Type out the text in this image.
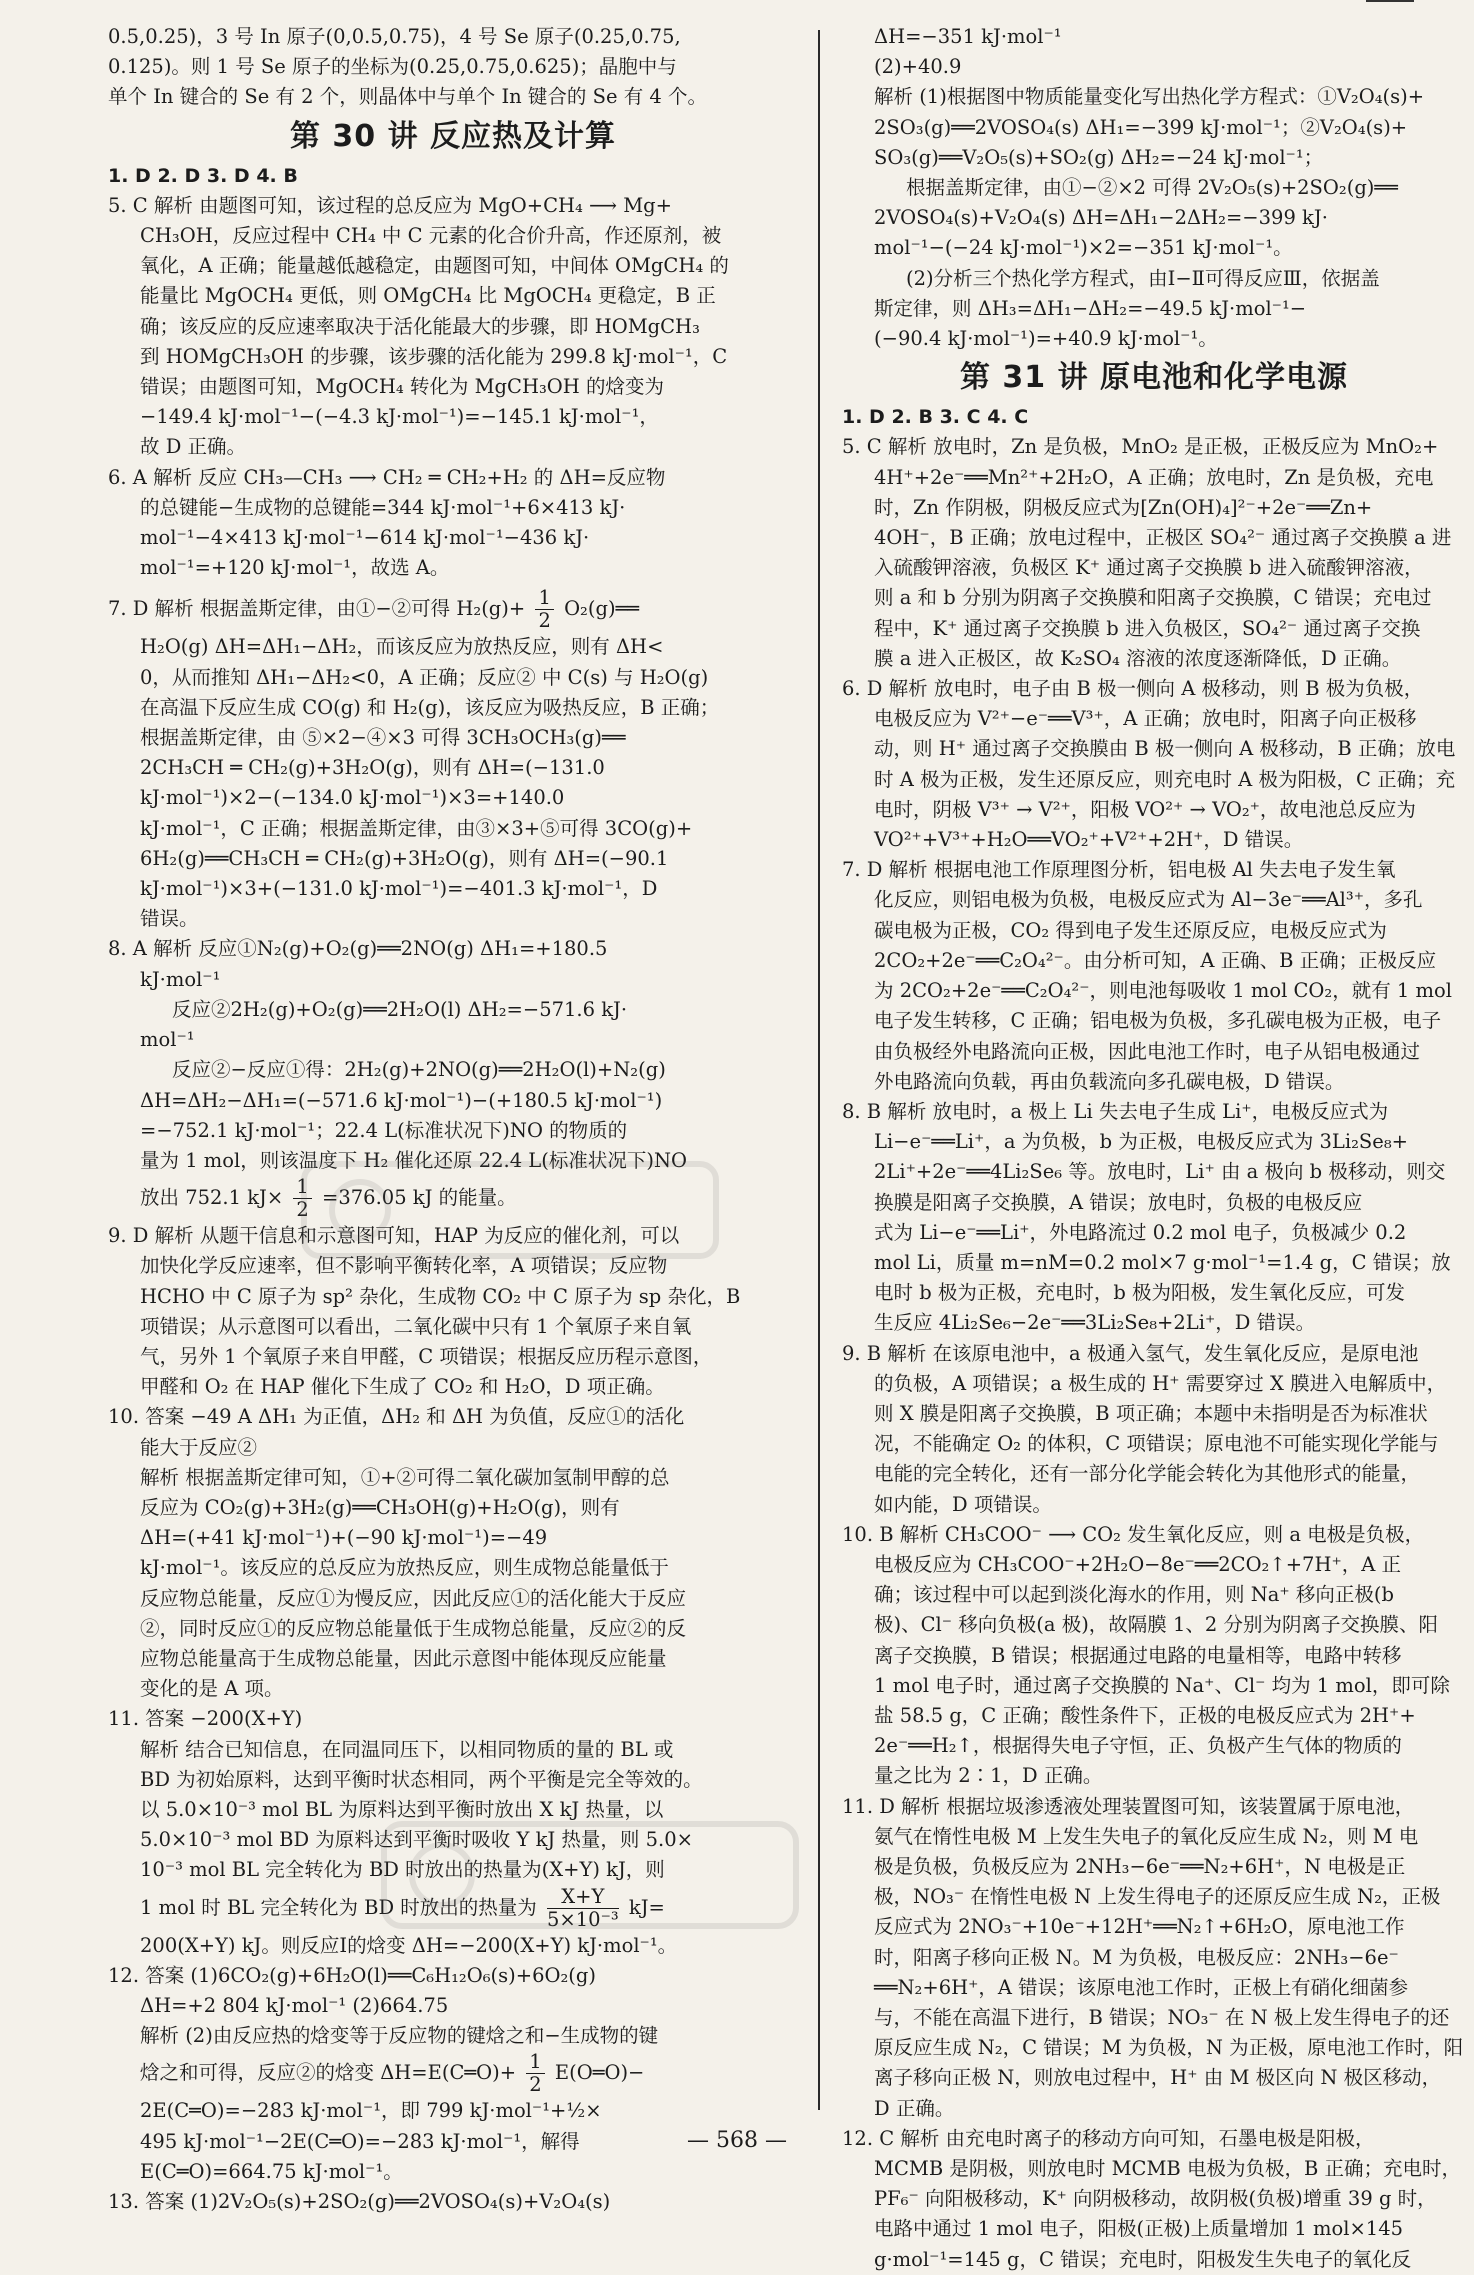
0.5,0.25)，3 号 In 原子(0,0.5,0.75)，4 号 Se 原子(0.25,0.75,
0.125)。则 1 号 Se 原子的坐标为(0.25,0.75,0.625)；晶胞中与
单个 In 键合的 Se 有 2 个，则晶体中与单个 In 键合的 Se 有 4 个。
第 30 讲 反应热及计算
1. D 2. D 3. D 4. B
5. C 解析 由题图可知，该过程的总反应为 MgO+CH₄ ⟶ Mg+
CH₃OH，反应过程中 CH₄ 中 C 元素的化合价升高，作还原剂，被
氧化，A 正确；能量越低越稳定，由题图可知，中间体 OMgCH₄ 的
能量比 MgOCH₄ 更低，则 OMgCH₄ 比 MgOCH₄ 更稳定，B 正
确；该反应的反应速率取决于活化能最大的步骤，即 HOMgCH₃
到 HOMgCH₃OH 的步骤，该步骤的活化能为 299.8 kJ·mol⁻¹，C
错误；由题图可知，MgOCH₄ 转化为 MgCH₃OH 的焓变为
−149.4 kJ·mol⁻¹−(−4.3 kJ·mol⁻¹)=−145.1 kJ·mol⁻¹，
故 D 正确。
6. A 解析 反应 CH₃—CH₃ ⟶ CH₂ ═ CH₂+H₂ 的 ΔH=反应物
的总键能−生成物的总键能=344 kJ·mol⁻¹+6×413 kJ·
mol⁻¹−4×413 kJ·mol⁻¹−614 kJ·mol⁻¹−436 kJ·
mol⁻¹=+120 kJ·mol⁻¹，故选 A。
7. D 解析 根据盖斯定律，由①−②可得 $H_2(g)+ \frac{1}{2}$ O₂(g)══
H₂O(g) ΔH=ΔH₁−ΔH₂，而该反应为放热反应，则有 ΔH<
0，从而推知 ΔH₁−ΔH₂<0，A 正确；反应② 中 C(s) 与 H₂O(g)
在高温下反应生成 CO(g) 和 H₂(g)，该反应为吸热反应，B 正确；
根据盖斯定律，由 ⑤×2−④×3 可得 3CH₃OCH₃(g)══
2CH₃CH ═ CH₂(g)+3H₂O(g)，则有 ΔH=(−131.0
kJ·mol⁻¹)×2−(−134.0 kJ·mol⁻¹)×3=+140.0
kJ·mol⁻¹，C 正确；根据盖斯定律，由③×3+⑤可得 3CO(g)+
6H₂(g)══CH₃CH ═ CH₂(g)+3H₂O(g)，则有 ΔH=(−90.1
kJ·mol⁻¹)×3+(−131.0 kJ·mol⁻¹)=−401.3 kJ·mol⁻¹，D
错误。
8. A 解析 反应①N₂(g)+O₂(g)══2NO(g) ΔH₁=+180.5
kJ·mol⁻¹
反应②2H₂(g)+O₂(g)══2H₂O(l) ΔH₂=−571.6 kJ·
mol⁻¹
反应②−反应①得：2H₂(g)+2NO(g)══2H₂O(l)+N₂(g)
ΔH=ΔH₂−ΔH₁=(−571.6 kJ·mol⁻¹)−(+180.5 kJ·mol⁻¹)
=−752.1 kJ·mol⁻¹；22.4 L(标准状况下)NO 的物质的
量为 1 mol，则该温度下 H₂ 催化还原 22.4 L(标准状况下)NO
放出 752.1 $kJ\times \frac{1}{2} =376.05$ kJ 的能量。
9. D 解析 从题干信息和示意图可知，HAP 为反应的催化剂，可以
加快化学反应速率，但不影响平衡转化率，A 项错误；反应物
HCHO 中 C 原子为 sp² 杂化，生成物 CO₂ 中 C 原子为 sp 杂化，B
项错误；从示意图可以看出，二氧化碳中只有 1 个氧原子来自氧
气，另外 1 个氧原子来自甲醛，C 项错误；根据反应历程示意图，
甲醛和 O₂ 在 HAP 催化下生成了 CO₂ 和 H₂O，D 项正确。
10. 答案 −49 A ΔH₁ 为正值，ΔH₂ 和 ΔH 为负值，反应①的活化
能大于反应②
解析 根据盖斯定律可知，①+②可得二氧化碳加氢制甲醇的总
反应为 CO₂(g)+3H₂(g)══CH₃OH(g)+H₂O(g)，则有
ΔH=(+41 kJ·mol⁻¹)+(−90 kJ·mol⁻¹)=−49
kJ·mol⁻¹。该反应的总反应为放热反应，则生成物总能量低于
反应物总能量，反应①为慢反应，因此反应①的活化能大于反应
②，同时反应①的反应物总能量低于生成物总能量，反应②的反
应物总能量高于生成物总能量，因此示意图中能体现反应能量
变化的是 A 项。
11. 答案 −200(X+Y)
解析 结合已知信息，在同温同压下，以相同物质的量的 BL 或
BD 为初始原料，达到平衡时状态相同，两个平衡是完全等效的。
以 5.0×10⁻³ mol BL 为原料达到平衡时放出 X kJ 热量，以
5.0×10⁻³ mol BD 为原料达到平衡时吸收 Y kJ 热量，则 5.0×
10⁻³ mol BL 完全转化为 BD 时放出的热量为(X+Y) kJ，则
1 mol 时 BL 完全转化为 BD 时放出的热量为 $\frac{X+Y}{\text{5×10⁻³}} kJ=$
200(X+Y) kJ。则反应Ⅰ的焓变 ΔH=−200(X+Y) kJ·mol⁻¹。
12. 答案 (1)6CO₂(g)+6H₂O(l)══C₆H₁₂O₆(s)+6O₂(g)
ΔH=+2 804 kJ·mol⁻¹ (2)664.75
解析 (2)由反应热的焓变等于反应物的键焓之和−生成物的键
焓之和可得，反应②的焓变 ΔH=E(C═O)+ $\frac{1}{2}$ E(O═O)−
2E(C═O)=−283 kJ·mol⁻¹，即 799 kJ·mol⁻¹+½×
495 kJ·mol⁻¹−2E(C═O)=−283 kJ·mol⁻¹，解得
E(C═O)=664.75 kJ·mol⁻¹。
13. 答案 (1)2V₂O₅(s)+2SO₂(g)══2VOSO₄(s)+V₂O₄(s)
ΔH=−351 kJ·mol⁻¹
(2)+40.9
解析 (1)根据图中物质能量变化写出热化学方程式：①V₂O₄(s)+
2SO₃(g)══2VOSO₄(s) ΔH₁=−399 kJ·mol⁻¹；②V₂O₄(s)+
SO₃(g)══V₂O₅(s)+SO₂(g) ΔH₂=−24 kJ·mol⁻¹；
根据盖斯定律，由①−②×2 可得 2V₂O₅(s)+2SO₂(g)══
2VOSO₄(s)+V₂O₄(s) ΔH=ΔH₁−2ΔH₂=−399 kJ·
mol⁻¹−(−24 kJ·mol⁻¹)×2=−351 kJ·mol⁻¹。
(2)分析三个热化学方程式，由Ⅰ−Ⅱ可得反应Ⅲ，依据盖
斯定律，则 ΔH₃=ΔH₁−ΔH₂=−49.5 kJ·mol⁻¹−
(−90.4 kJ·mol⁻¹)=+40.9 kJ·mol⁻¹。
第 31 讲 原电池和化学电源
1. D 2. B 3. C 4. C
5. C 解析 放电时，Zn 是负极，MnO₂ 是正极，正极反应为 MnO₂+
4H⁺+2e⁻══Mn²⁺+2H₂O，A 正确；放电时，Zn 是负极，充电
时，Zn 作阴极，阴极反应式为[Zn(OH)₄]²⁻+2e⁻══Zn+
4OH⁻，B 正确；放电过程中，正极区 SO₄²⁻ 通过离子交换膜 a 进
入硫酸钾溶液，负极区 K⁺ 通过离子交换膜 b 进入硫酸钾溶液，
则 a 和 b 分别为阴离子交换膜和阳离子交换膜，C 错误；充电过
程中，K⁺ 通过离子交换膜 b 进入负极区，SO₄²⁻ 通过离子交换
膜 a 进入正极区，故 K₂SO₄ 溶液的浓度逐渐降低，D 正确。
6. D 解析 放电时，电子由 B 极一侧向 A 极移动，则 B 极为负极，
电极反应为 V²⁺−e⁻══V³⁺，A 正确；放电时，阳离子向正极移
动，则 H⁺ 通过离子交换膜由 B 极一侧向 A 极移动，B 正确；放电
时 A 极为正极，发生还原反应，则充电时 A 极为阳极，C 正确；充
电时，阴极 V³⁺ → V²⁺，阳极 VO²⁺ → VO₂⁺，故电池总反应为
VO²⁺+V³⁺+H₂O══VO₂⁺+V²⁺+2H⁺，D 错误。
7. D 解析 根据电池工作原理图分析，铝电极 Al 失去电子发生氧
化反应，则铝电极为负极，电极反应式为 Al−3e⁻══Al³⁺，多孔
碳电极为正极，CO₂ 得到电子发生还原反应，电极反应式为
2CO₂+2e⁻══C₂O₄²⁻。由分析可知，A 正确、B 正确；正极反应
为 2CO₂+2e⁻══C₂O₄²⁻，则电池每吸收 1 mol CO₂，就有 1 mol
电子发生转移，C 正确；铝电极为负极，多孔碳电极为正极，电子
由负极经外电路流向正极，因此电池工作时，电子从铝电极通过
外电路流向负载，再由负载流向多孔碳电极，D 错误。
8. B 解析 放电时，a 极上 Li 失去电子生成 Li⁺，电极反应式为
Li−e⁻══Li⁺，a 为负极，b 为正极，电极反应式为 3Li₂Se₈+
2Li⁺+2e⁻══4Li₂Se₆ 等。放电时，Li⁺ 由 a 极向 b 极移动，则交
换膜是阳离子交换膜，A 错误；放电时，负极的电极反应
式为 Li−e⁻══Li⁺，外电路流过 0.2 mol 电子，负极减少 0.2
mol Li，质量 m=nM=0.2 mol×7 g·mol⁻¹=1.4 g，C 错误；放
电时 b 极为正极，充电时，b 极为阳极，发生氧化反应，可发
生反应 4Li₂Se₆−2e⁻══3Li₂Se₈+2Li⁺，D 错误。
9. B 解析 在该原电池中，a 极通入氢气，发生氧化反应，是原电池
的负极，A 项错误；a 极生成的 H⁺ 需要穿过 X 膜进入电解质中，
则 X 膜是阳离子交换膜，B 项正确；本题中未指明是否为标准状
况，不能确定 O₂ 的体积，C 项错误；原电池不可能实现化学能与
电能的完全转化，还有一部分化学能会转化为其他形式的能量，
如内能，D 项错误。
10. B 解析 CH₃COO⁻ ⟶ CO₂ 发生氧化反应，则 a 电极是负极，
电极反应为 CH₃COO⁻+2H₂O−8e⁻══2CO₂↑+7H⁺，A 正
确；该过程中可以起到淡化海水的作用，则 Na⁺ 移向正极(b
极)、Cl⁻ 移向负极(a 极)，故隔膜 1、2 分别为阴离子交换膜、阳
离子交换膜，B 错误；根据通过电路的电量相等，电路中转移
1 mol 电子时，通过离子交换膜的 Na⁺、Cl⁻ 均为 1 mol，即可除
盐 58.5 g，C 正确；酸性条件下，正极的电极反应式为 2H⁺+
2e⁻══H₂↑，根据得失电子守恒，正、负极产生气体的物质的
量之比为 2∶1，D 正确。
11. D 解析 根据垃圾渗透液处理装置图可知，该装置属于原电池，
氨气在惰性电极 M 上发生失电子的氧化反应生成 N₂，则 M 电
极是负极，负极反应为 2NH₃−6e⁻══N₂+6H⁺，N 电极是正
极，NO₃⁻ 在惰性电极 N 上发生得电子的还原反应生成 N₂，正极
反应式为 2NO₃⁻+10e⁻+12H⁺══N₂↑+6H₂O，原电池工作
时，阳离子移向正极 N。M 为负极，电极反应：2NH₃−6e⁻
══N₂+6H⁺，A 错误；该原电池工作时，正极上有硝化细菌参
与，不能在高温下进行，B 错误；NO₃⁻ 在 N 极上发生得电子的还
原反应生成 N₂，C 错误；M 为负极，N 为正极，原电池工作时，阳
离子移向正极 N，则放电过程中，H⁺ 由 M 极区向 N 极区移动，
D 正确。
12. C 解析 由充电时离子的移动方向可知，石墨电极是阳极，
MCMB 是阴极，则放电时 MCMB 电极为负极，B 正确；充电时，
PF₆⁻ 向阳极移动，K⁺ 向阴极移动，故阴极(负极)增重 39 g 时，
电路中通过 1 mol 电子，阳极(正极)上质量增加 1 mol×145
g·mol⁻¹=145 g，C 错误；充电时，阳极发生失电子的氧化反
— 568 —
